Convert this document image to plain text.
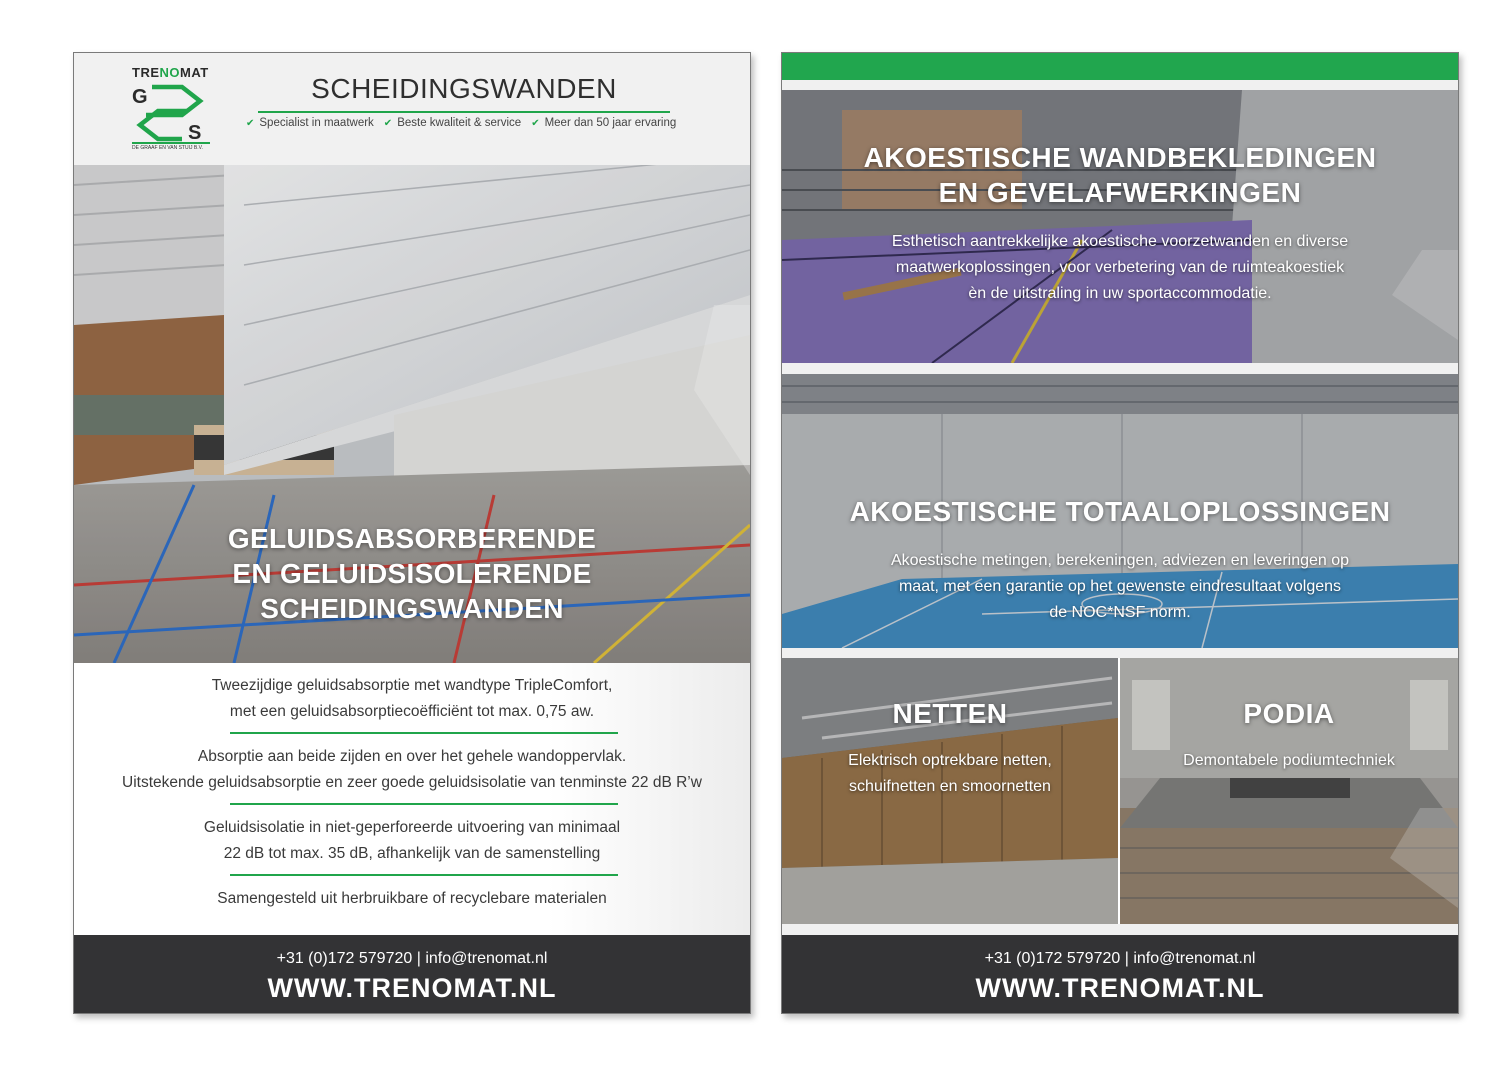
TRENOMAT
G
S
DE GRAAF EN VAN STUIJ B.V.
SCHEIDINGSWANDEN
✔ Specialist in maatwerk ✔ Beste kwaliteit & service ✔ Meer dan 50 jaar ervaring
GELUIDSABSORBERENDE
EN GELUIDSISOLERENDE
SCHEIDINGSWANDEN
Tweezijdige geluidsabsorptie met wandtype TripleComfort,
met een geluidsabsorptiecoëfficiënt tot max. 0,75 aw.
Absorptie aan beide zijden en over het gehele wandoppervlak.
Uitstekende geluidsabsorptie en zeer goede geluidsisolatie van tenminste 22 dB R’w
Geluidsisolatie in niet-geperforeerde uitvoering van minimaal
22 dB tot max. 35 dB, afhankelijk van de samenstelling
Samengesteld uit herbruikbare of recyclebare materialen
+31 (0)172 579720 | info@trenomat.nl
WWW.TRENOMAT.NL
AKOESTISCHE WANDBEKLEDINGEN
EN GEVELAFWERKINGEN
Esthetisch aantrekkelijke akoestische voorzetwanden en diverse
maatwerkoplossingen, voor verbetering van de ruimteakoestiek
èn de uitstraling in uw sportaccommodatie.
AKOESTISCHE TOTAALOPLOSSINGEN
Akoestische metingen, berekeningen, adviezen en leveringen op
maat, met een garantie op het gewenste eindresultaat volgens
de NOC*NSF norm.
NETTEN
Elektrisch optrekbare netten,
schuifnetten en smoornetten
PODIA
Demontabele podiumtechniek
+31 (0)172 579720 | info@trenomat.nl
WWW.TRENOMAT.NL
